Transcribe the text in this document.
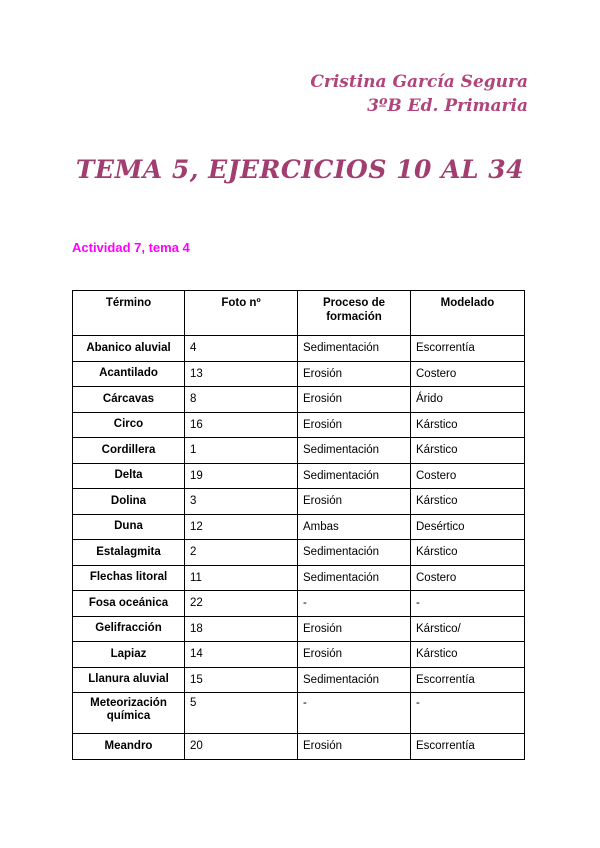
Cristina García Segura
3ºB Ed. Primaria
TEMA 5, EJERCICIOS 10 AL 34
Actividad 7, tema 4
Término	Foto nº	Proceso de formación	Modelado
Abanico aluvial	4	Sedimentación	Escorrentía
Acantilado	13	Erosión	Costero
Cárcavas	8	Erosión	Árido
Circo	16	Erosión	Kárstico
Cordillera	1	Sedimentación	Kárstico
Delta	19	Sedimentación	Costero
Dolina	3	Erosión	Kárstico
Duna	12	Ambas	Desértico
Estalagmita	2	Sedimentación	Kárstico
Flechas litoral	11	Sedimentación	Costero
Fosa oceánica	22	-	-
Gelifracción	18	Erosión	Kárstico/
Lapiaz	14	Erosión	Kárstico
Llanura aluvial	15	Sedimentación	Escorrentía
Meteorización química	5	-	-
Meandro	20	Erosión	Escorrentía
